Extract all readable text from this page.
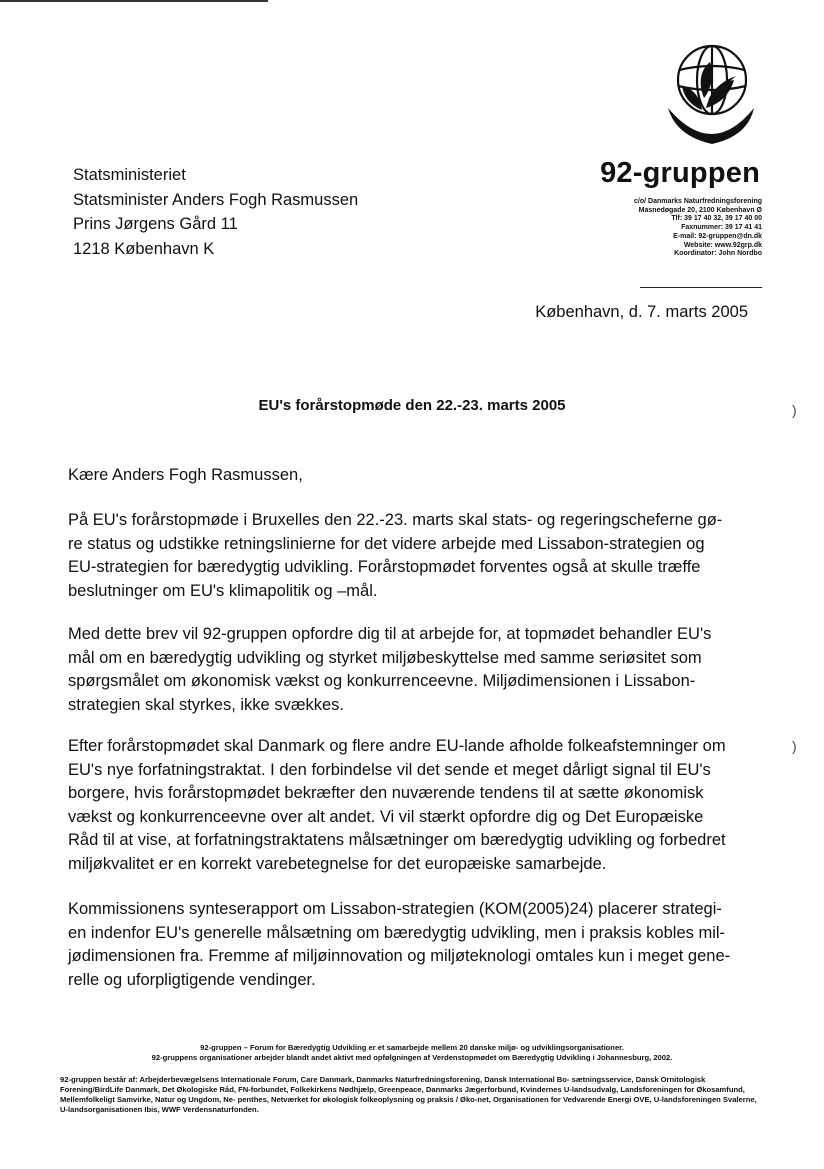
Statsministeriet
Statsminister Anders Fogh Rasmussen
Prins Jørgens Gård 11
1218 København K
92-gruppen
c/o/ Danmarks Naturfredningsforening
Masnedøgade 20, 2100 København Ø
Tlf: 39 17 40 32, 39 17 40 00
Faxnummer: 39 17 41 41
E-mail: 92-gruppen@dn.dk
Website: www.92grp.dk
Koordinator: John Nordbo
København, d. 7. marts 2005
EU's forårstopmøde den 22.-23. marts 2005
Kære Anders Fogh Rasmussen,
På EU's forårstopmøde i Bruxelles den 22.-23. marts skal stats- og regeringscheferne gø-
re status og udstikke retningslinierne for det videre arbejde med Lissabon-strategien og
EU-strategien for bæredygtig udvikling. Forårstopmødet forventes også at skulle træffe
beslutninger om EU's klimapolitik og –mål.
Med dette brev vil 92-gruppen opfordre dig til at arbejde for, at topmødet behandler EU's
mål om en bæredygtig udvikling og styrket miljøbeskyttelse med samme seriøsitet som
spørgsmålet om økonomisk vækst og konkurrenceevne. Miljødimensionen i Lissabon-
strategien skal styrkes, ikke svækkes.
Efter forårstopmødet skal Danmark og flere andre EU-lande afholde folkeafstemninger om
EU's nye forfatningstraktat. I den forbindelse vil det sende et meget dårligt signal til EU's
borgere, hvis forårstopmødet bekræfter den nuværende tendens til at sætte økonomisk
vækst og konkurrenceevne over alt andet. Vi vil stærkt opfordre dig og Det Europæiske
Råd til at vise, at forfatningstraktatens målsætninger om bæredygtig udvikling og forbedret
miljøkvalitet er en korrekt varebetegnelse for det europæiske samarbejde.
Kommissionens synteserapport om Lissabon-strategien (KOM(2005)24) placerer strategi-
en indenfor EU's generelle målsætning om bæredygtig udvikling, men i praksis kobles mil-
jødimensionen fra. Fremme af miljøinnovation og miljøteknologi omtales kun i meget gene-
relle og uforpligtigende vendinger.
92-gruppen – Forum for Bæredygtig Udvikling er et samarbejde mellem 20 danske miljø- og udviklingsorganisationer.
92-gruppens organisationer arbejder blandt andet aktivt med opfølgningen af Verdenstopmødet om Bæredygtig Udvikling i Johannesburg, 2002.
92-gruppen består af: Arbejderbevægelsens Internationale Forum, Care Danmark, Danmarks Naturfredningsforening, Dansk International Bo- sætningsservice, Dansk Ornitologisk Forening/BirdLife Danmark, Det Økologiske Råd, FN-forbundet, Folkekirkens Nødhjælp, Greenpeace, Danmarks Jægerforbund, Kvindernes U-landsudvalg, Landsforeningen for Økosamfund, Mellemfolkeligt Samvirke, Natur og Ungdom, Ne- penthes, Netværket for økologisk folkeoplysning og praksis / Øko-net, Organisationen for Vedvarende Energi OVE, U-landsforeningen Svalerne, U-landsorganisationen Ibis, WWF Verdensnaturfonden.
)
)
